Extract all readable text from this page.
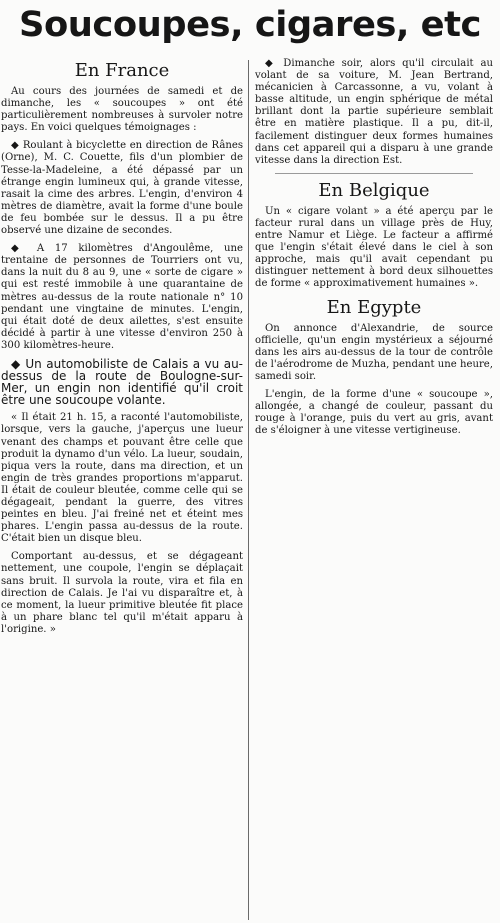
Soucoupes, cigares, etc
En France

Au cours des journées de samedi et de dimanche, les « soucoupes » ont été particulièrement nombreuses à survoler notre pays. En voici quelques témoignages :

◆ Roulant à bicyclette en direction de Rânes (Orne), M. C. Couette, fils d'un plombier de Tesse-la-Madeleine, a été dépassé par un étrange engin lumineux qui, à grande vitesse, rasait la cime des arbres. L'engin, d'environ 4 mètres de diamètre, avait la forme d'une boule de feu bombée sur le dessus. Il a pu être observé une dizaine de secondes.

◆ A 17 kilomètres d'Angoulême, une trentaine de personnes de Tourriers ont vu, dans la nuit du 8 au 9, une « sorte de cigare » qui est resté immobile à une quarantaine de mètres au-dessus de la route nationale n° 10 pendant une vingtaine de minutes. L'engin, qui était doté de deux ailettes, s'est ensuite décidé à partir à une vitesse d'environ 250 à 300 kilomètres-heure.

◆ Un automobiliste de Calais a vu au-dessus de la route de Boulogne-sur-Mer, un engin non identifié qu'il croit être une soucoupe volante.

« Il était 21 h. 15, a raconté l'automobiliste, lorsque, vers la gauche, j'aperçus une lueur venant des champs et pouvant être celle que produit la dynamo d'un vélo. La lueur, soudain, piqua vers la route, dans ma direction, et un engin de très grandes proportions m'apparut. Il était de couleur bleutée, comme celle qui se dégageait, pendant la guerre, des vitres peintes en bleu. J'ai freiné net et éteint mes phares. L'engin passa au-dessus de la route. C'était bien un disque bleu.

Comportant au-dessus, et se dégageant nettement, une coupole, l'engin se déplaçait sans bruit. Il survola la route, vira et fila en direction de Calais. Je l'ai vu disparaître et, à ce moment, la lueur primitive bleutée fit place à un phare blanc tel qu'il m'était apparu à l'origine. »

◆ Dimanche soir, alors qu'il circulait au volant de sa voiture, M. Jean Bertrand, mécanicien à Carcassonne, a vu, volant à basse altitude, un engin sphérique de métal brillant dont la partie supérieure semblait être en matière plastique. Il a pu, dit-il, facilement distinguer deux formes humaines dans cet appareil qui a disparu à une grande vitesse dans la direction Est.

En Belgique

Un « cigare volant » a été aperçu par le facteur rural dans un village près de Huy, entre Namur et Liège. Le facteur a affirmé que l'engin s'était élevé dans le ciel à son approche, mais qu'il avait cependant pu distinguer nettement à bord deux silhouettes de forme « approximativement humaines ».

En Egypte

On annonce d'Alexandrie, de source officielle, qu'un engin mystérieux a séjourné dans les airs au-dessus de la tour de contrôle de l'aérodrome de Muzha, pendant une heure, samedi soir.

L'engin, de la forme d'une « soucoupe », allongée, a changé de couleur, passant du rouge à l'orange, puis du vert au gris, avant de s'éloigner à une vitesse vertigineuse.
